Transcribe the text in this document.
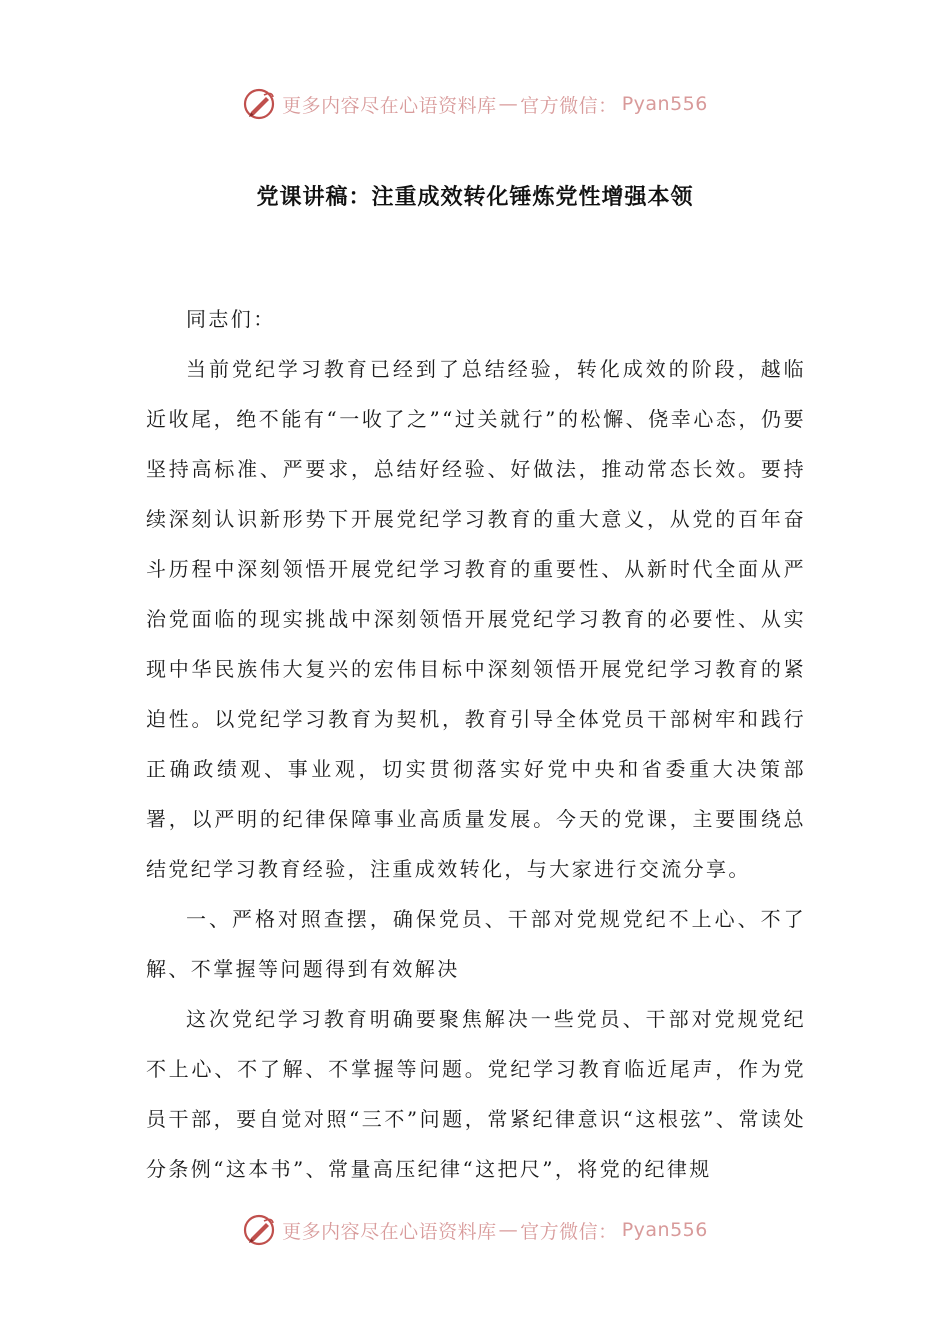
更多内容尽在心语资料库 — 官方微信： Pyan556
党课讲稿：注重成效转化锤炼党性增强本领

同志们：

当前党纪学习教育已经到了总结经验，转化成效的阶段，越临近收尾，绝不能有“一收了之”“过关就行”的松懈、侥幸心态，仍要坚持高标准、严要求，总结好经验、好做法，推动常态长效。要持续深刻认识新形势下开展党纪学习教育的重大意义，从党的百年奋斗历程中深刻领悟开展党纪学习教育的重要性、从新时代全面从严治党面临的现实挑战中深刻领悟开展党纪学习教育的必要性、从实现中华民族伟大复兴的宏伟目标中深刻领悟开展党纪学习教育的紧迫性。以党纪学习教育为契机，教育引导全体党员干部树牢和践行正确政绩观、事业观，切实贯彻落实好党中央和省委重大决策部署，以严明的纪律保障事业高质量发展。今天的党课，主要围绕总结党纪学习教育经验，注重成效转化，与大家进行交流分享。

一、严格对照查摆，确保党员、干部对党规党纪不上心、不了解、不掌握等问题得到有效解决

这次党纪学习教育明确要聚焦解决一些党员、干部对党规党纪不上心、不了解、不掌握等问题。党纪学习教育临近尾声，作为党员干部，要自觉对照“三不”问题，常紧纪律意识“这根弦”、常读处分条例“这本书”、常量高压纪律“这把尺”，将党的纪律规

更多内容尽在心语资料库 — 官方微信： Pyan556
